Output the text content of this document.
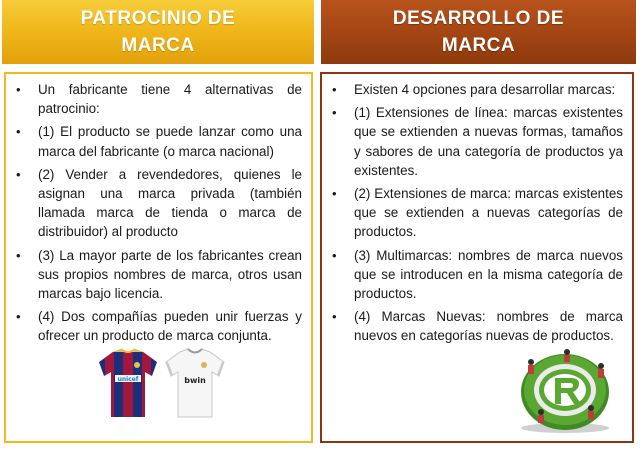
PATROCINIO DE
MARCA
DESARROLLO DE
MARCA
• Un fabricante tiene 4 alternativas de patrocinio:
• (1) El producto se puede lanzar como una marca del fabricante (o marca nacional)
• (2) Vender a revendedores, quienes le asignan una marca privada (también llamada marca de tienda o marca de distribuidor) al producto
• (3) La mayor parte de los fabricantes crean sus propios nombres de marca, otros usan marcas bajo licencia.
• (4) Dos compañías pueden unir fuerzas y ofrecer un producto de marca conjunta.
unicef	bwin
• Existen 4 opciones para desarrollar marcas:
• (1) Extensiones de línea: marcas existentes que se extienden a nuevas formas, tamaños y sabores de una categoría de productos ya existentes.
• (2) Extensiones de marca: marcas existentes que se extienden a nuevas categorías de productos.
• (3) Multimarcas: nombres de marca nuevos que se introducen en la misma categoría de productos.
• (4) Marcas Nuevas: nombres de marca nuevos en categorías nuevas de productos.
